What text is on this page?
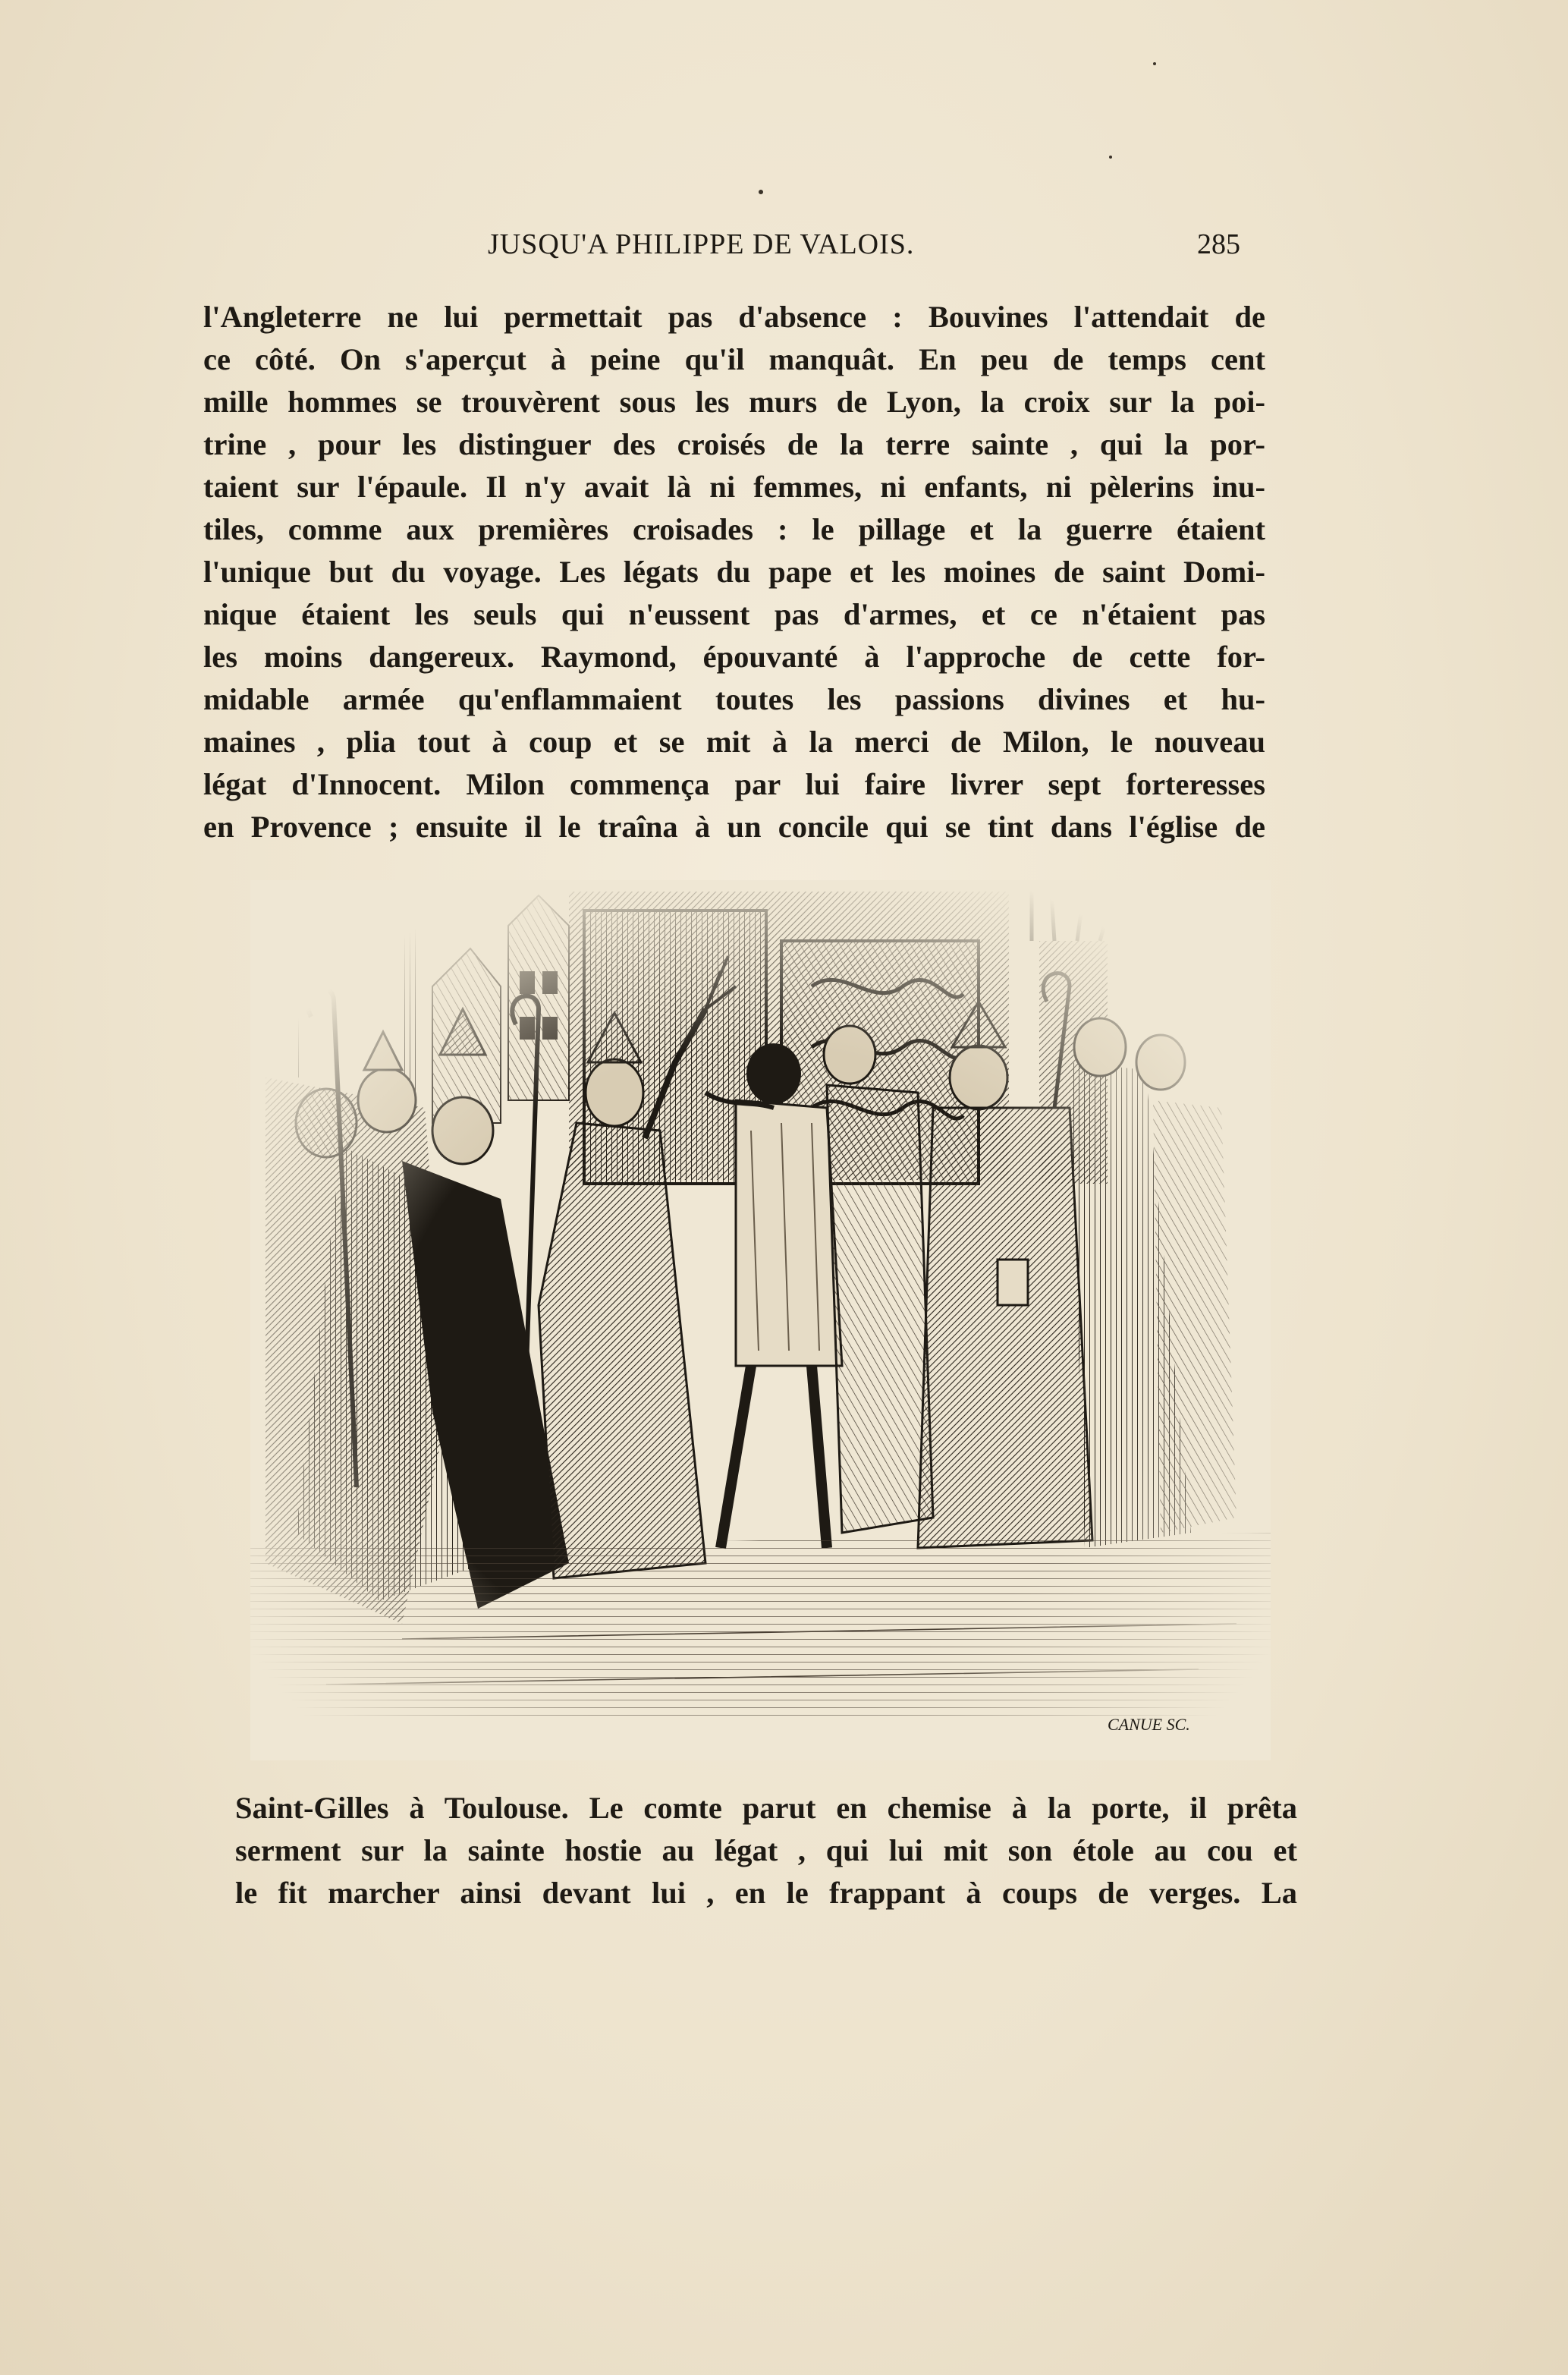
JUSQU'A PHILIPPE DE VALOIS.	285
l'Angleterre ne lui permettait pas d'absence : Bouvines l'attendait de
ce côté. On s'aperçut à peine qu'il manquât. En peu de temps cent
mille hommes se trouvèrent sous les murs de Lyon, la croix sur la poi-
trine , pour les distinguer des croisés de la terre sainte , qui la por-
taient sur l'épaule. Il n'y avait là ni femmes, ni enfants, ni pèlerins inu-
tiles, comme aux premières croisades : le pillage et la guerre étaient
l'unique but du voyage. Les légats du pape et les moines de saint Domi-
nique étaient les seuls qui n'eussent pas d'armes, et ce n'étaient pas
les moins dangereux. Raymond, épouvanté à l'approche de cette for-
midable armée qu'enflammaient toutes les passions divines et hu-
maines , plia tout à coup et se mit à la merci de Milon, le nouveau
légat d'Innocent. Milon commença par lui faire livrer sept forteresses
en Provence ; ensuite il le traîna à un concile qui se tint dans l'église de
CANUE SC.
Saint-Gilles à Toulouse. Le comte parut en chemise à la porte, il prêta
serment sur la sainte hostie au légat , qui lui mit son étole au cou et
le fit marcher ainsi devant lui , en le frappant à coups de verges. La
